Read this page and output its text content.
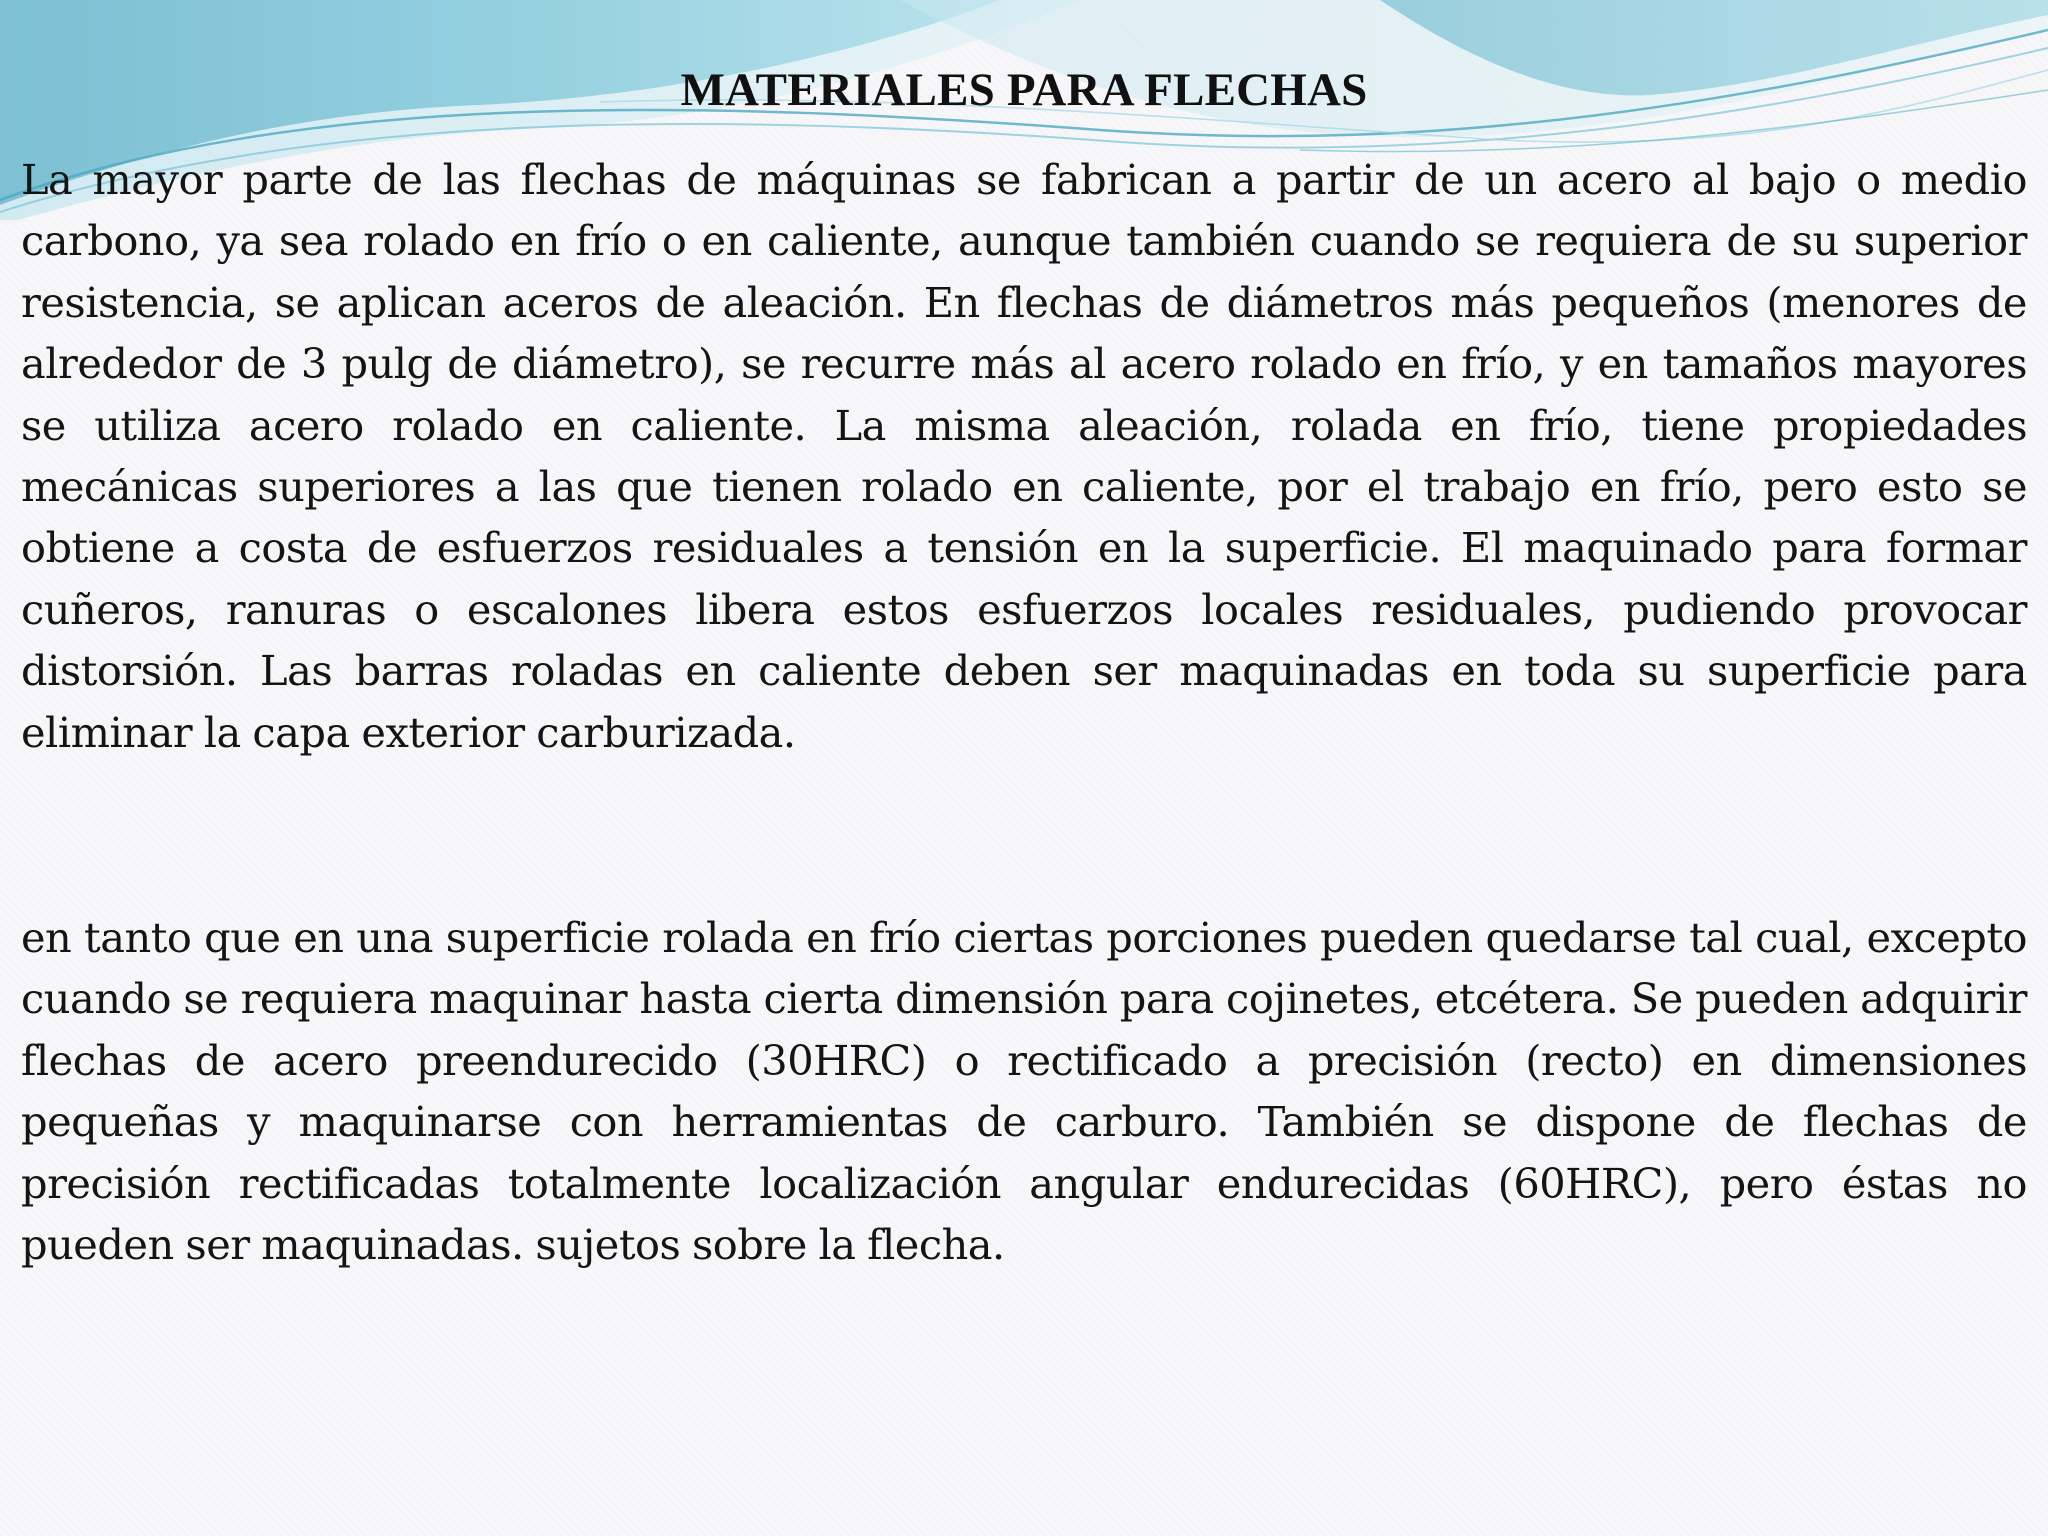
MATERIALES PARA FLECHAS

La mayor parte de las flechas de máquinas se fabrican a partir de un acero al bajo o medio carbono, ya sea rolado en frío o en caliente, aunque también cuando se requiera de su superior resistencia, se aplican aceros de aleación. En flechas de diámetros más pequeños (menores de alrededor de 3 pulg de diámetro), se recurre más al acero rolado en frío, y en tamaños mayores se utiliza acero rolado en caliente. La misma aleación, rolada en frío, tiene propiedades mecánicas superiores a las que tienen rolado en caliente, por el trabajo en frío, pero esto se obtiene a costa de esfuerzos residuales a tensión en la superficie. El maquinado para formar cuñeros, ranuras o escalones libera estos esfuerzos locales residuales, pudiendo provocar distorsión. Las barras roladas en caliente deben ser maquinadas en toda su superficie para eliminar la capa exterior carburizada.

en tanto que en una superficie rolada en frío ciertas porciones pueden quedarse tal cual, excepto cuando se requiera maquinar hasta cierta dimensión para cojinetes, etcétera. Se pueden adquirir flechas de acero preendurecido (30HRC) o rectificado a precisión (recto) en dimensiones pequeñas y maquinarse con herramientas de carburo. También se dispone de flechas de precisión rectificadas totalmente localización angular endurecidas (60HRC), pero éstas no pueden ser maquinadas. sujetos sobre la flecha.
